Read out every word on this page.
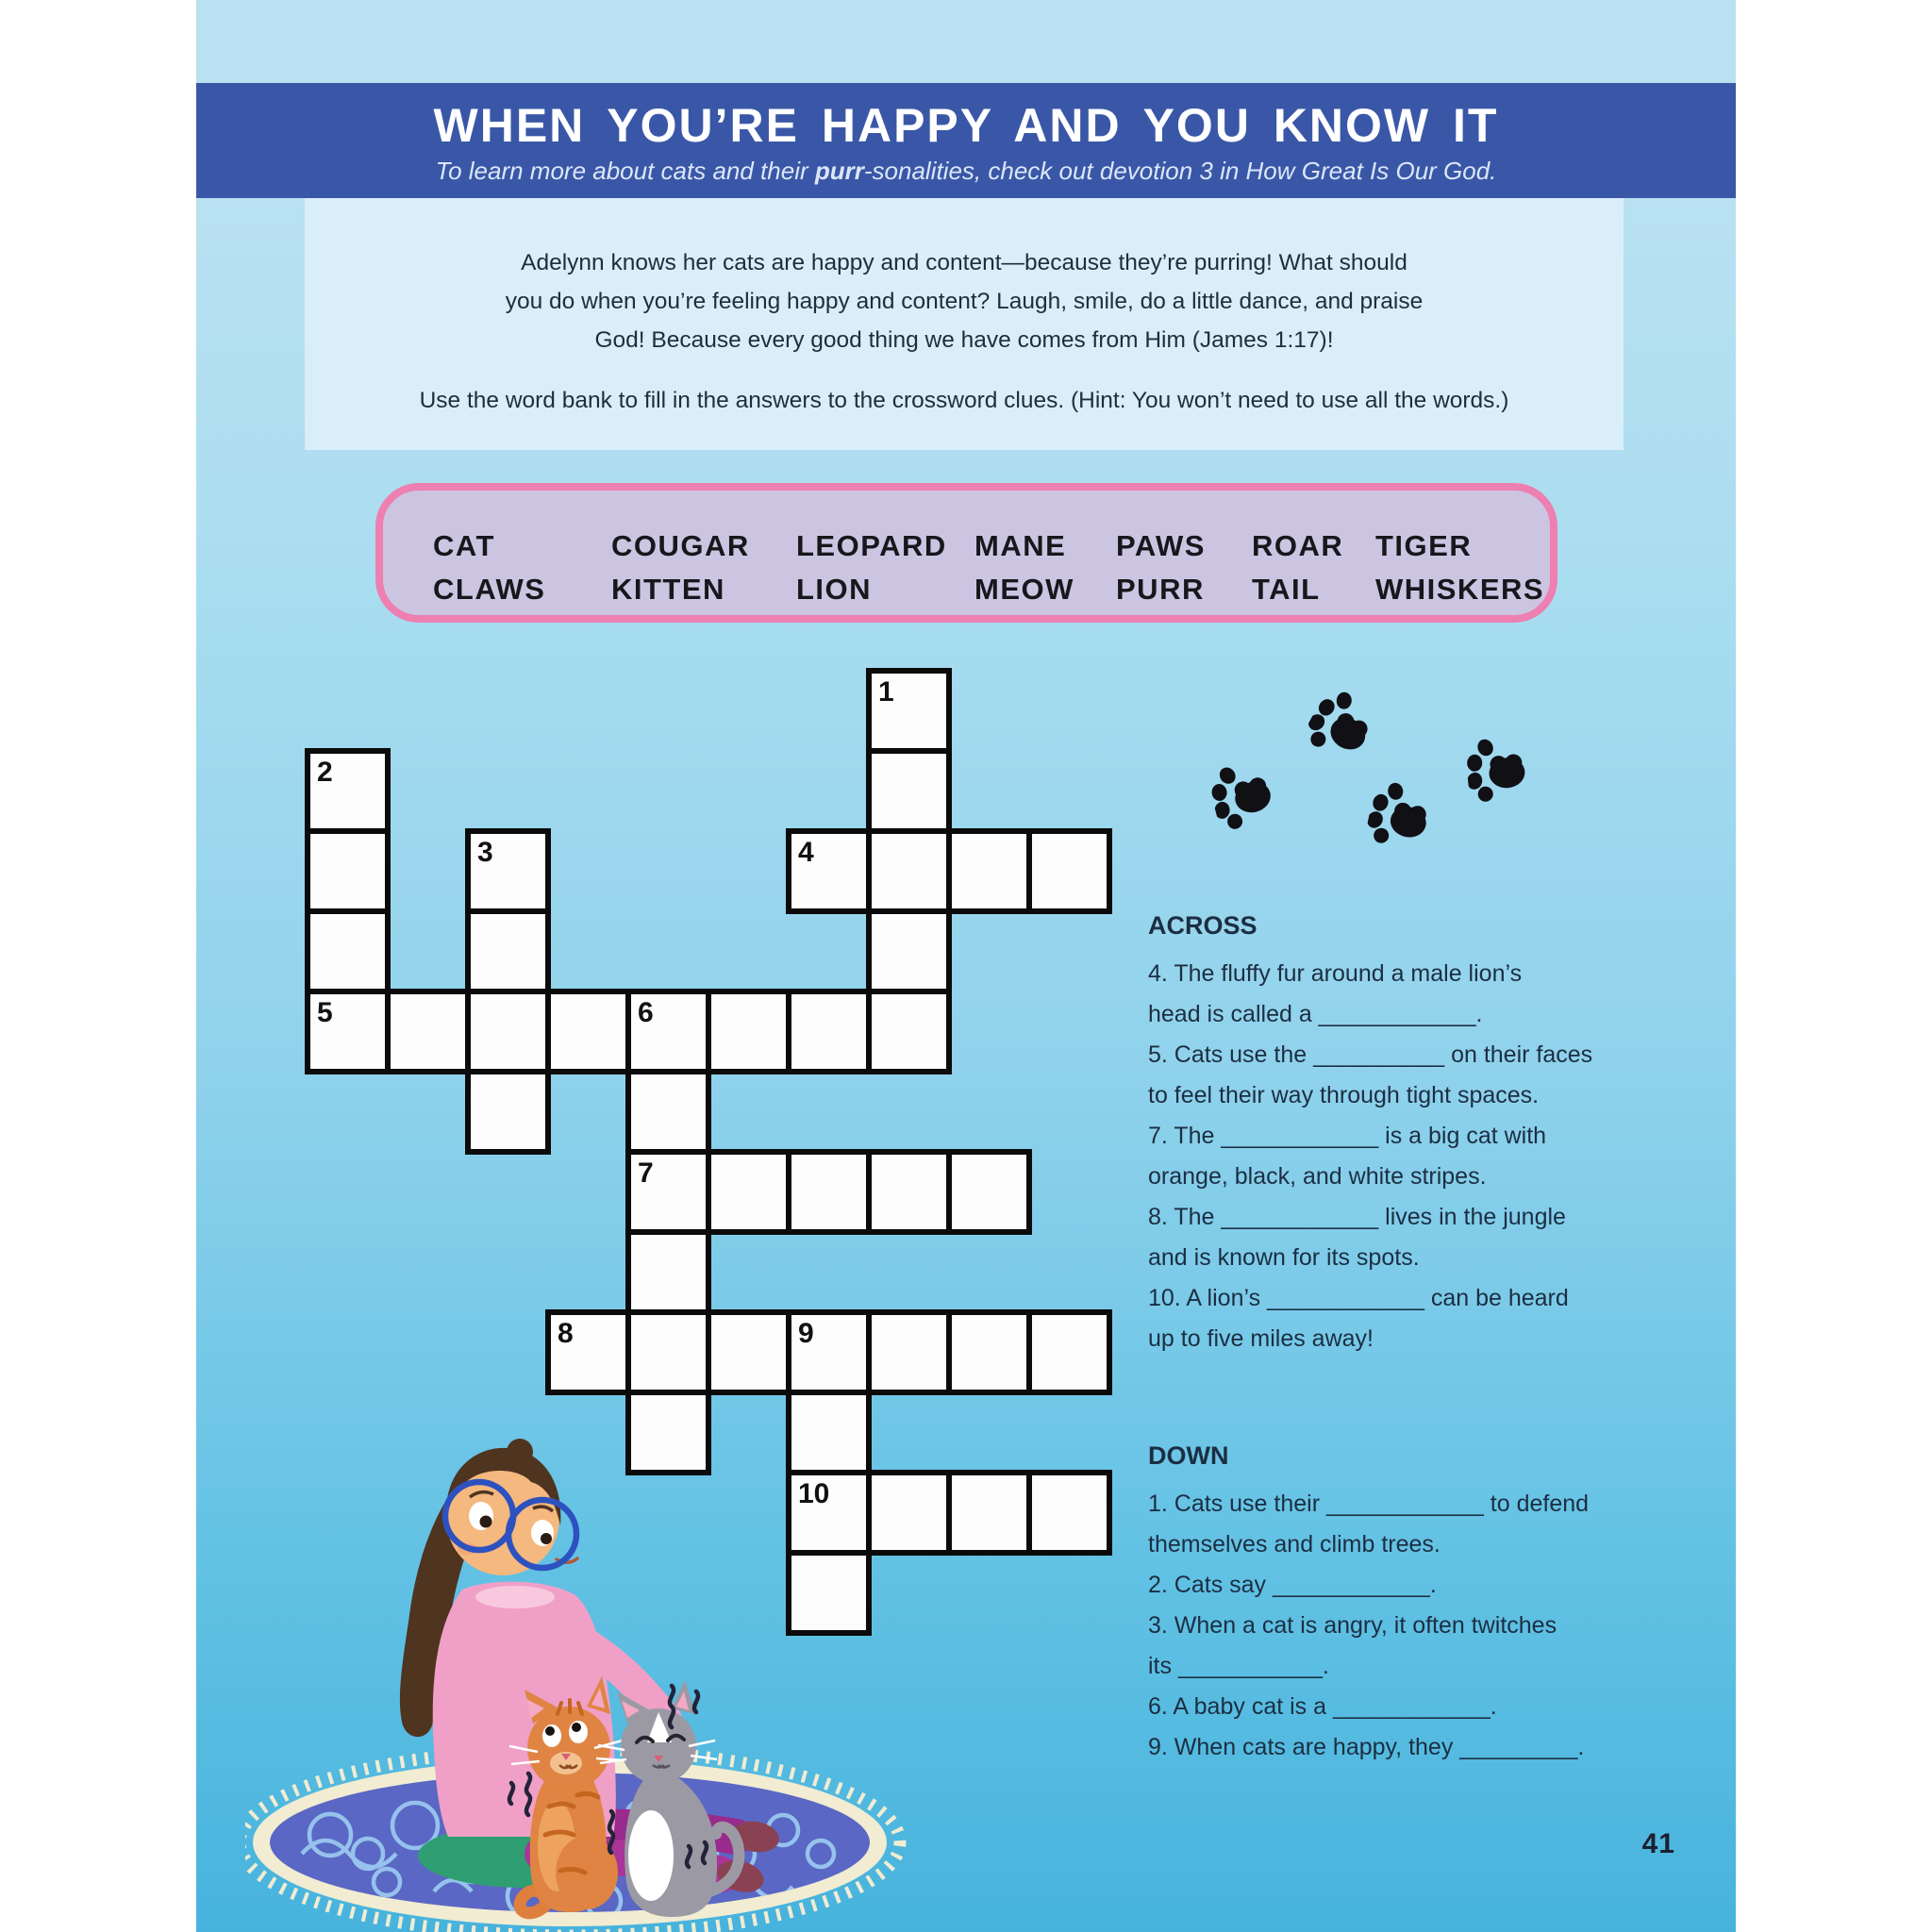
WHEN YOU’RE HAPPY AND YOU KNOW IT
To learn more about cats and their purr-sonalities, check out devotion 3 in How Great Is Our God.
Adelynn knows her cats are happy and content—because they’re purring! What should
you do when you’re feeling happy and content? Laugh, smile, do a little dance, and praise
God! Because every good thing we have comes from Him (James 1:17)!
Use the word bank to fill in the answers to the crossword clues. (Hint: You won’t need to use all the words.)
CAT
CLAWS
COUGAR
KITTEN
LEOPARD
LION
MANE
MEOW
PAWS
PURR
ROAR
TAIL
TIGER
WHISKERS
1
2
5
3	4
6
7
8	9
10
ACROSS
4. The fluffy fur around a male lion’s
head is called a ____________.
5. Cats use the __________ on their faces
to feel their way through tight spaces.
7. The ____________ is a big cat with
orange, black, and white stripes.
8. The ____________ lives in the jungle
and is known for its spots.
10. A lion’s ____________ can be heard
up to five miles away!
DOWN
1. Cats use their ____________ to defend
themselves and climb trees.
2. Cats say ____________.
3. When a cat is angry, it often twitches
its ___________.
6. A baby cat is a ____________.
9. When cats are happy, they _________.
41
